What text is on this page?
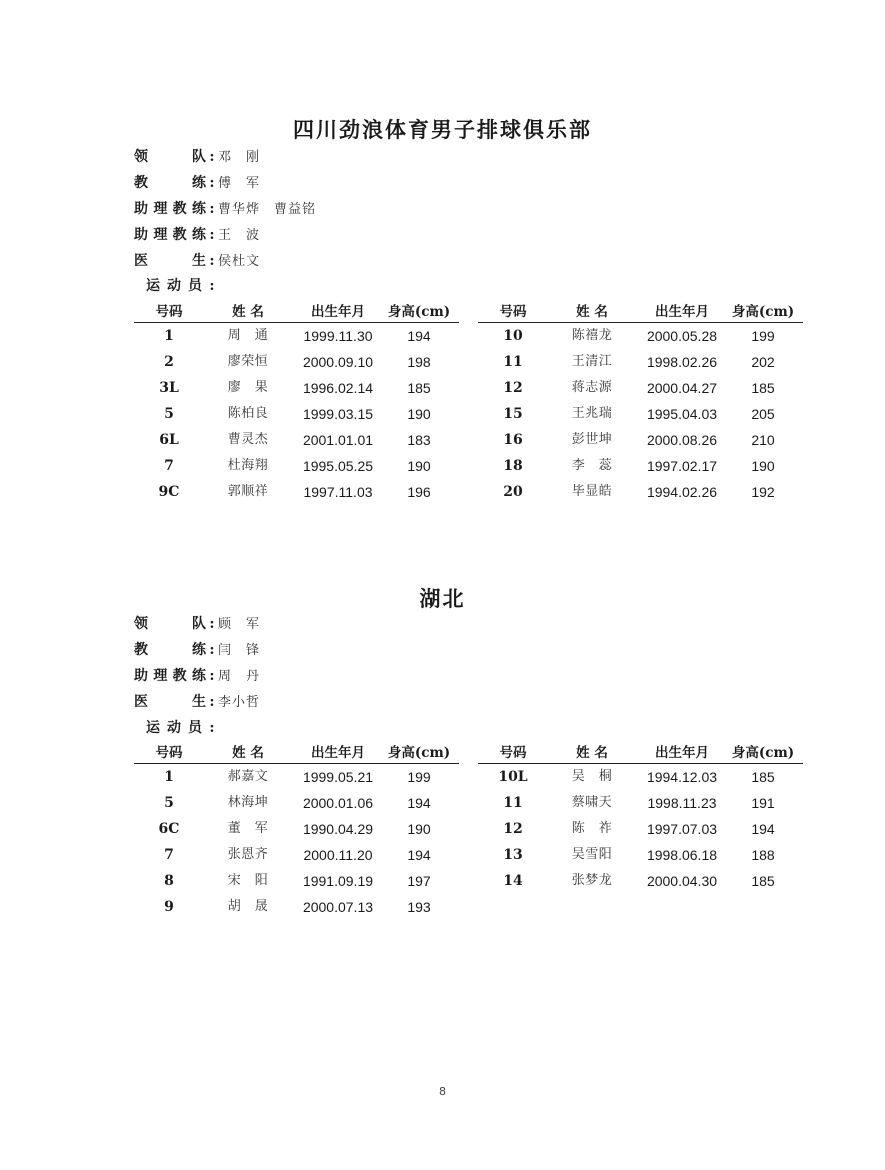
四川劲浪体育男子排球俱乐部
领　　队 : 邓　刚
教　　练 : 傅　军
助理教练 : 曹华烨　曹益铭
助理教练 : 王　波
医　　生 : 侯杜文
运动员 :
号码	姓 名	出生年月	身高(cm)
1	周　通	1999.11.30	194
2	廖荣恒	2000.09.10	198
3L	廖　果	1996.02.14	185
5	陈柏良	1999.03.15	190
6L	曹灵杰	2001.01.01	183
7	杜海翔	1995.05.25	190
9C	郭顺祥	1997.11.03	196
号码	姓 名	出生年月	身高(cm)
10	陈禧龙	2000.05.28	199
11	王清江	1998.02.26	202
12	蒋志源	2000.04.27	185
15	王兆瑞	1995.04.03	205
16	彭世坤	2000.08.26	210
18	李　蕊	1997.02.17	190
20	毕显皓	1994.02.26	192
湖北
领　　队 : 顾　军
教　　练 : 闫　锋
助理教练 : 周　丹
医　　生 : 李小哲
运动员 :
号码	姓 名	出生年月	身高(cm)
1	郝嘉文	1999.05.21	199
5	林海坤	2000.01.06	194
6C	董　军	1990.04.29	190
7	张恩齐	2000.11.20	194
8	宋　阳	1991.09.19	197
9	胡　晟	2000.07.13	193
号码	姓 名	出生年月	身高(cm)
10L	吴　桐	1994.12.03	185
11	蔡啸天	1998.11.23	191
12	陈　祚	1997.07.03	194
13	吴雪阳	1998.06.18	188
14	张梦龙	2000.04.30	185
8
